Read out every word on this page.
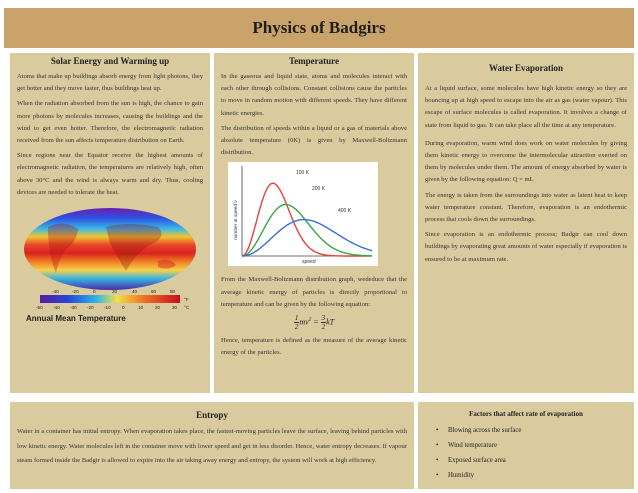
Physics of Badgirs
Solar Energy and Warming up

Atoms that make up buildings absorb energy from light photons, they get hotter and they move faster, thus buildings heat up.

When the radiation absorbed from the sun is high, the chance to gain more photons by molecules increases, causing the buildings and the wind to get even hotter. Therefore, the electromagnetic radiation received from the sun affects temperature distribution on Earth.

Since regions near the Equator receive the highest amounts of electromagnetic radiation, the temperatures are relatively high, often above 30°C and the wind is always warm and dry. Thus, cooling devices are needed to tolerate the heat.

-40	-20	0	20	40	60	80
°F
-50 -40 -30 -20 -10 0	10	20	30 °C
Annual Mean Temperature
Temperature

In the gaseous and liquid state, atoms and molecules interact with each other through collisions. Constant collisions cause the particles to move in random motion with different speeds. They have different kinetic energies.

The distribution of speeds within a liquid or a gas of materials above absolute temperature (0K) is given by Maxwell-Boltzmann distribution.

number at speed v
speed
100 K
200 K
400 K

From the Maxwell-Boltzmann distribution graph, wededuce that the average kinetic energy of particles is directly proportional to temperature and can be given by the following equation:

$\frac{1}{2} mv^2 = \frac{3}{2}$ kT

Hence, temperature is defined as the measure of the average kinetic energy of the particles.

Water Evaporation

At a liquid surface, some molecules have high kinetic energy so they are bouncing up at high speed to escape into the air as gas (water vapour). This escape of surface molecules is called evaporation. It involves a change of state from liquid to gas. It can take place all the time at any temperature.

During evaporation, warm wind does work on water molecules by giving them kinetic energy to overcome the intermolecular attraction exerted on them by molecules under them. The amount of energy absorbed by water is given by the following equation: Q = mL

The energy is taken from the surroundings into water as latent heat to keep water temperature constant. Therefore, evaporation is an endothermic process that cools down the surroundings.

Since evaporation is an endothermic process; Badgir can cool down buildings by evaporating great amounts of water especially if evaporation is ensured to be at maximum rate.

Entropy
Water in a container has initial entropy. When evaporation takes place, the fastest-moving particles leave the surface, leaving behind particles with low kinetic energy. Water molecules left in the container move with lower speed and get in less disorder. Hence, water entropy decreases. If vapour steam formed inside the Badgir is allowed to expire into the air taking away energy and entropy, the system will work at high efficiency.
Factors that affect rate of evaporation
• Blowing across the surface
• Wind temperature
• Exposed surface area
• Humidity
